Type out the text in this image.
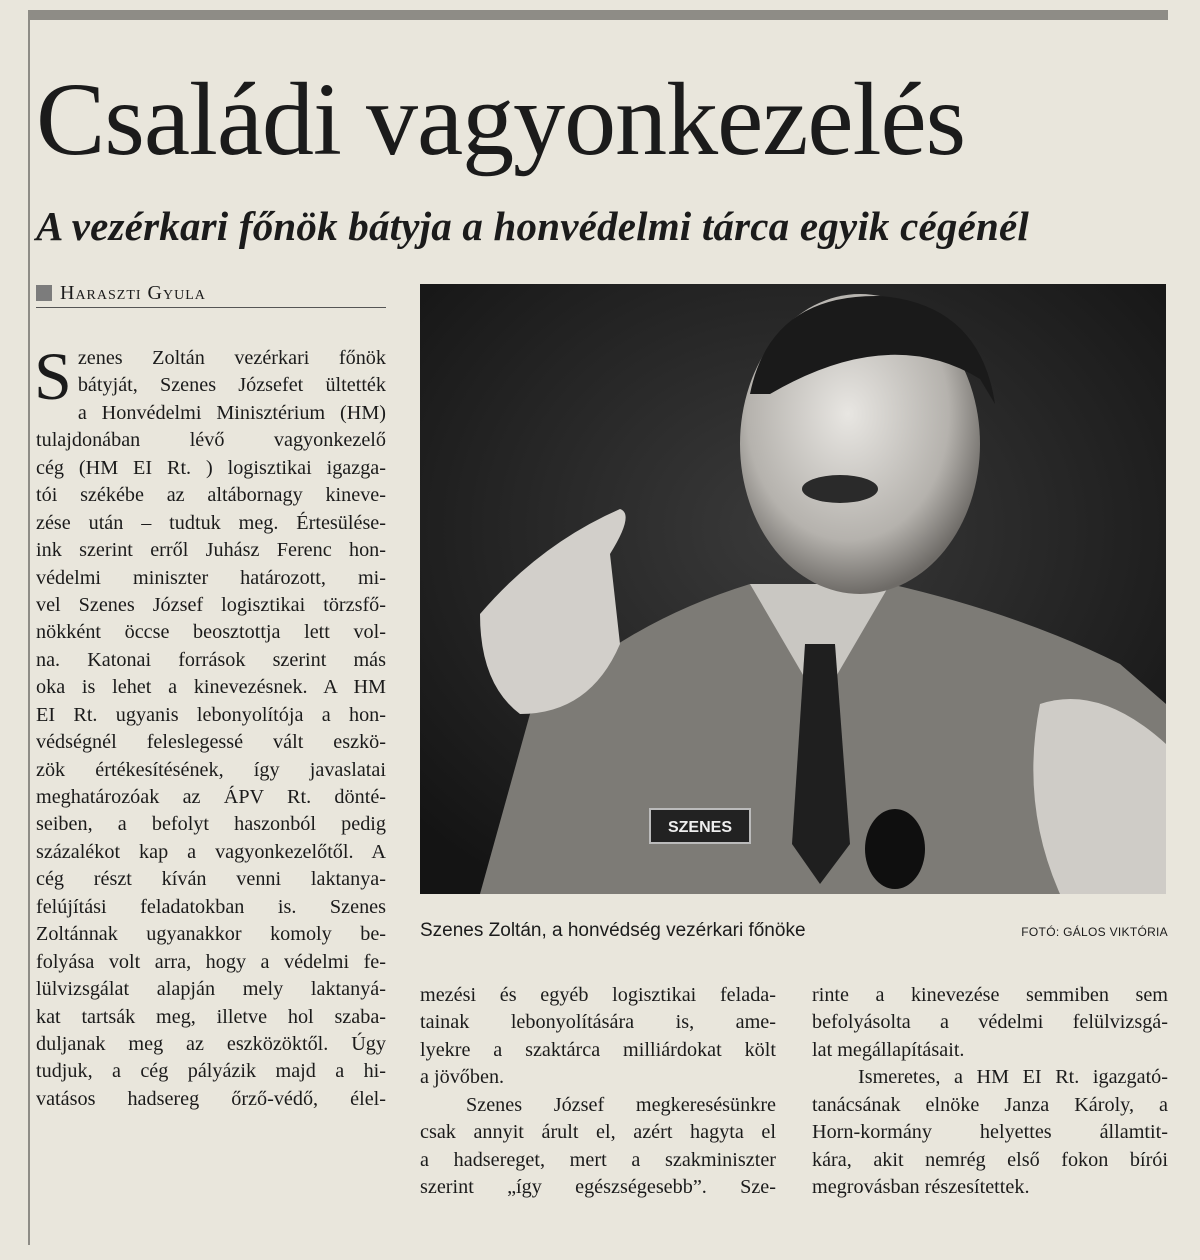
Családi vagyonkezelés
A vezérkari főnök bátyja a honvédelmi tárca egyik cégénél
Haraszti Gyula
S zenes Zoltán vezérkari főnök
bátyját, Szenes Józsefet ültették
a Honvédelmi Minisztérium (HM)
tulajdonában lévő vagyonkezelő
cég (HM EI Rt. ) logisztikai igazga-
tói székébe az altábornagy kineve-
zése után – tudtuk meg. Értesülése-
ink szerint erről Juhász Ferenc hon-
védelmi miniszter határozott, mi-
vel Szenes József logisztikai törzsfő-
nökként öccse beosztottja lett vol-
na. Katonai források szerint más
oka is lehet a kinevezésnek. A HM
EI Rt. ugyanis lebonyolítója a hon-
védségnél feleslegessé vált eszkö-
zök értékesítésének, így javaslatai
meghatározóak az ÁPV Rt. dönté-
seiben, a befolyt haszonból pedig
százalékot kap a vagyonkezelőtől. A
cég részt kíván venni laktanya-
felújítási feladatokban is. Szenes
Zoltánnak ugyanakkor komoly be-
folyása volt arra, hogy a védelmi fe-
lülvizsgálat alapján mely laktanyá-
kat tartsák meg, illetve hol szaba-
duljanak meg az eszközöktől. Úgy
tudjuk, a cég pályázik majd a hi-
vatásos hadsereg őrző-védő, élel-
SZENES
Szenes Zoltán, a honvédség vezérkari főnöke	FOTÓ: GÁLOS VIKTÓRIA
mezési és egyéb logisztikai felada-
tainak lebonyolítására is, ame-
lyekre a szaktárca milliárdokat költ
a jövőben.
Szenes József megkeresésünkre
csak annyit árult el, azért hagyta el
a hadsereget, mert a szakminiszter
szerint „így egészségesebb”. Sze-
rinte a kinevezése semmiben sem
befolyásolta a védelmi felülvizsgá-
lat megállapításait.
Ismeretes, a HM EI Rt. igazgató-
tanácsának elnöke Janza Károly, a
Horn-kormány helyettes államtit-
kára, akit nemrég első fokon bírói
megrovásban részesítettek.
